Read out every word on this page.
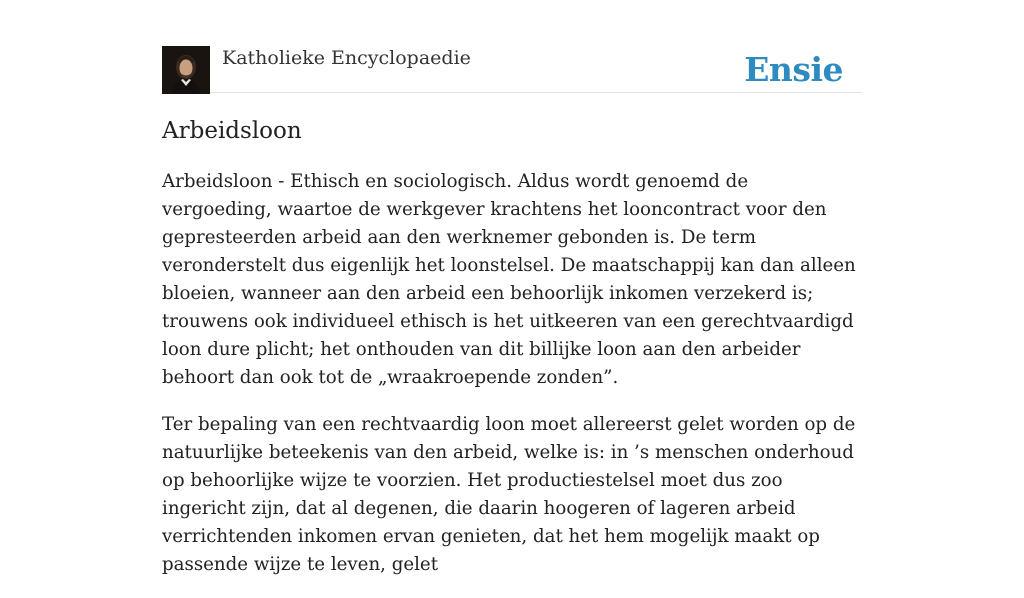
Katholieke Encyclopaedie	Ensie
Arbeidsloon

Arbeidsloon - Ethisch en sociologisch. Aldus wordt genoemd de vergoeding, waartoe de werkgever krachtens het looncontract voor den gepresteerden arbeid aan den werknemer gebonden is. De term veronderstelt dus eigenlijk het loonstelsel. De maatschappij kan dan alleen bloeien, wanneer aan den arbeid een behoorlijk inkomen verzekerd is; trouwens ook individueel ethisch is het uitkeeren van een gerechtvaardigd loon dure plicht; het onthouden van dit billijke loon aan den arbeider behoort dan ook tot de „wraakroepende zonden”.

Ter bepaling van een rechtvaardig loon moet allereerst gelet worden op de natuurlijke beteekenis van den arbeid, welke is: in ’s menschen onderhoud op behoorlijke wijze te voorzien. Het productiestelsel moet dus zoo ingericht zijn, dat al degenen, die daarin hoogeren of lageren arbeid verrichtenden inkomen ervan genieten, dat het hem mogelijk maakt op passende wijze te leven, gelet
